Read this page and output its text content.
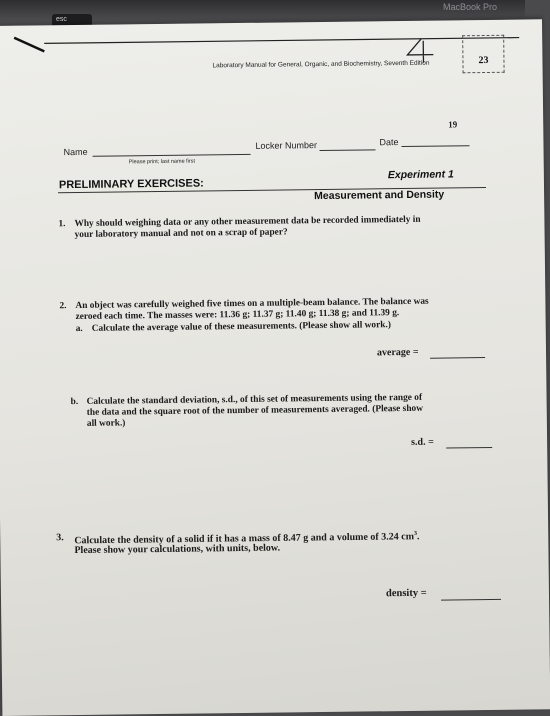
MacBook Pro
esc
Laboratory Manual for General, Organic, and Biochemistry, Seventh Edition
4
23
19
Name
Please print; last name first
Locker Number	Date
PRELIMINARY EXERCISES:
Experiment 1
Measurement and Density
1. Why should weighing data or any other measurement data be recorded immediately in
your laboratory manual and not on a scrap of paper?
2. An object was carefully weighed five times on a multiple-beam balance. The balance was
zeroed each time. The masses were: 11.36 g; 11.37 g; 11.40 g; 11.38 g; and 11.39 g.
a. Calculate the average value of these measurements. (Please show all work.)
average =
b. Calculate the standard deviation, s.d., of this set of measurements using the range of
the data and the square root of the number of measurements averaged. (Please show
all work.)
s.d. =
3. Calculate the density of a solid if it has a mass of 8.47 g and a volume of 3.24 $cm^3$.
Please show your calculations, with units, below.
density =
